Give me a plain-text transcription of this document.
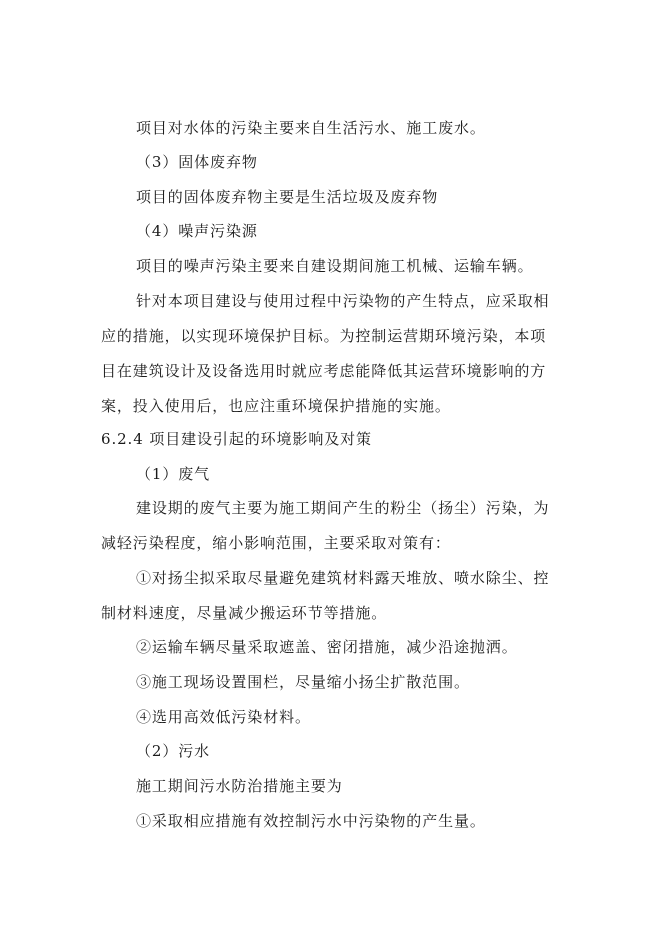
项目对水体的污染主要来自生活污水、施工废水。
（3）固体废弃物
项目的固体废弃物主要是生活垃圾及废弃物
（4）噪声污染源
项目的噪声污染主要来自建设期间施工机械、运输车辆。
针对本项目建设与使用过程中污染物的产生特点，应采取相
应的措施，以实现环境保护目标。为控制运营期环境污染，本项
目在建筑设计及设备选用时就应考虑能降低其运营环境影响的方
案，投入使用后，也应注重环境保护措施的实施。
6.2.4 项目建设引起的环境影响及对策
（1）废气
建设期的废气主要为施工期间产生的粉尘（扬尘）污染，为
减轻污染程度，缩小影响范围，主要采取对策有：
①对扬尘拟采取尽量避免建筑材料露天堆放、喷水除尘、控
制材料速度，尽量减少搬运环节等措施。
②运输车辆尽量采取遮盖、密闭措施，减少沿途抛洒。
③施工现场设置围栏，尽量缩小扬尘扩散范围。
④选用高效低污染材料。
（2）污水
施工期间污水防治措施主要为
①采取相应措施有效控制污水中污染物的产生量。
